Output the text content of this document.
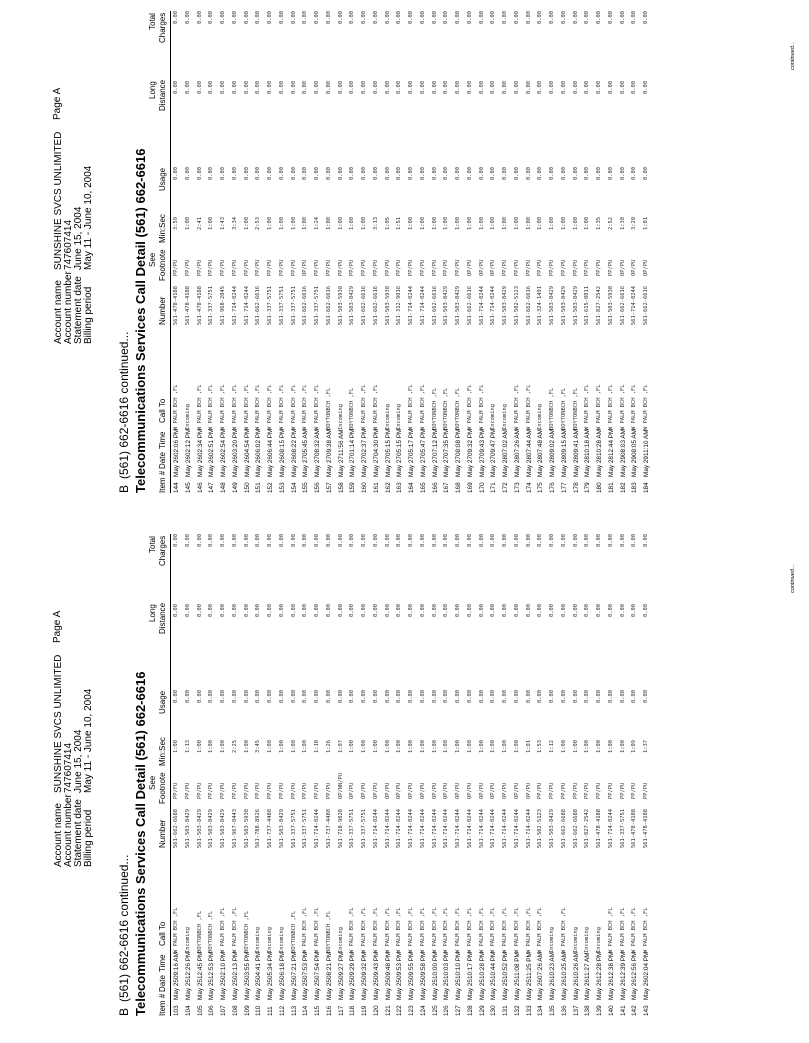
Page A
Account name
SUNSHINE SVCS UNLIMITED
Account number
747607414
Statement date
June 15, 2004
Billing period
May 11 - June 10, 2004
B(561) 662-6616 continued... Telecommunications Services Call Detail (561) 662-6616 Item #
Date
Time
Call To
Number
See Footnote
Min:Sec
Usage
Long Distance
Total Charges
103
May 25
09:16 AM
W PALM BCH ,FL
561-662-6688
PP/FU
1:00
0.00
0.00
0.00
104
May 25
12:26 PM
Incoming
561-503-8429
PP/PU
1:13
0.00
0.00
0.00
105
May 25
12:45 PM
BOYTONBCH ,FL
561-503-8429
PP/PU
1:00
0.00
0.00
0.00
106
May 25
12:53 PM
BOYTONBCH ,FL
561-503-8429
PP/PU
1:00
0.00
0.00
0.00
107
May 25
02:10 PM
W PALM BCH ,FL
561-503-8429
PP/PU
1:00
0.00
0.00
0.00
108
May 25
02:13 PM
W PALM BCH ,FL
561-967-0443
PP/PU
2:25
0.00
0.00
0.00
109
May 25
03:55 PM
BOYTONBCH ,FL
561-503-5930
PP/PU
1:00
0.00
0.00
0.00
110
May 25
04:41 PM
Incoming
561-788-8926
PP/PU
3:45
0.00
0.00
0.00
111
May 25
05:34 PM
Incoming
561-737-4480
PP/PU
1:00
0.00
0.00
0.00
112
May 25
06:18 PM
Incoming
561-503-8429
PP/PU
1:00
0.00
0.00
0.00
113
May 25
07:21 PM
BOYTONBCH ,FL
561-337-5751
PP/PU
1:00
0.00
0.00
0.00
114
May 25
07:53 PM
W PALM BCH ,FL
561-337-5751
PP/PU
1:00
0.00
0.00
0.00
115
May 25
07:54 PM
W PALM BCH ,FL
561-714-0244
PP/PU
1:18
0.00
0.00
0.00
116
May 25
08:21 PM
BOYTONBCH ,FL
561-737-4480
PP/PU
1:26
0.00
0.00
0.00
117
May 25
09:27 PM
Incoming
561-718-9028
OP/NN/PU
1:07
0.00
0.00
0.00
118
May 25
09:29 PM
W PALM BCH ,FL
561-337-5751
OP/PU
1:00
0.00
0.00
0.00
119
May 25
09:32 PM
W PALM BCH ,FL
561-337-5751
OP/PU
1:00
0.00
0.00
0.00
120
May 25
09:43 PM
W PALM BCH ,FL
561-714-0244
OP/PU
1:00
0.00
0.00
0.00
121
May 25
09:48 PM
W PALM BCH ,FL
561-714-0244
OP/PU
1:00
0.00
0.00
0.00
122
May 25
09:53 PM
W PALM BCH ,FL
561-714-0244
OP/PU
1:00
0.00
0.00
0.00
123
May 25
09:55 PM
W PALM BCH ,FL
561-714-0244
OP/PU
1:00
0.00
0.00
0.00
124
May 25
09:58 PM
W PALM BCH ,FL
561-714-0244
OP/PU
1:00
0.00
0.00
0.00
125
May 25
10:00 PM
W PALM BCH ,FL
561-714-0244
OP/PU
1:00
0.00
0.00
0.00
126
May 25
10:03 PM
W PALM BCH ,FL
561-714-0244
OP/PU
1:00
0.00
0.00
0.00
127
May 25
10:10 PM
W PALM BCH ,FL
561-714-0244
OP/PU
1:00
0.00
0.00
0.00
128
May 25
10:17 PM
W PALM BCH ,FL
561-714-0244
OP/PU
1:00
0.00
0.00
0.00
129
May 25
10:28 PM
W PALM BCH ,FL
561-714-0244
OP/PU
1:00
0.00
0.00
0.00
130
May 25
10:44 PM
W PALM BCH ,FL
561-714-0244
OP/PU
1:00
0.00
0.00
0.00
131
May 25
10:52 PM
W PALM BCH ,FL
561-714-0244
OP/PU
1:00
0.00
0.00
0.00
132
May 25
11:08 PM
W PALM BCH ,FL
561-714-0244
OP/PU
1:00
0.00
0.00
0.00
133
May 25
11:25 PM
W PALM BCH ,FL
561-714-0244
OP/PU
1:01
0.00
0.00
0.00
134
May 26
07:26 AM
W PALM BCH ,FL
561-502-5123
PP/PU
1:53
0.00
0.00
0.00
135
May 26
10:23 AM
Incoming
561-503-8429
PP/PU
1:12
0.00
0.00
0.00
136
May 26
10:25 AM
W PALM BCH ,FL
561-662-6688
PP/PU
1:00
0.00
0.00
0.00
137
May 26
10:26 AM
Incoming
561-662-6688
PP/PU
1:00
0.00
0.00
0.00
138
May 26
11:27 AM
Incoming
561-827-2542
PP/PU
1:00
0.00
0.00
0.00
139
May 26
12:28 PM
Incoming
561-478-4188
PP/PU
1:00
0.00
0.00
0.00
140
May 26
12:38 PM
W PALM BCH ,FL
561-714-0244
PP/PU
1:00
0.00
0.00
0.00
141
May 26
12:39 PM
W PALM BCH ,FL
561-337-5751
PP/PU
1:00
0.00
0.00
0.00
142
May 26
12:56 PM
W PALM BCH ,FL
561-478-4188
PP/PU
1:09
0.00
0.00
0.00
143
May 26
02:04 PM
W PALM BCH ,FL
561-478-4188
PP/PU
1:37
0.00
0.00
0.00
continued...
Page A
Account name
SUNSHINE SVCS UNLIMITED
Account number
747607414
Statement date
June 15, 2004
Billing period
May 11 - June 10, 2004
B(561) 662-6616 continued... Telecommunications Services Call Detail (561) 662-6616 Item #
Date
Time
Call To
Number
See Footnote
Min:Sec
Usage
Long Distance
Total Charges
144
May 26
02:06 PM
W PALM BCH ,FL
561-478-4188
PP/PU
3:59
0.00
0.00
0.00
145
May 26
02:12 PM
Incoming
561-478-4188
PP/PU
1:00
0.00
0.00
0.00
146
May 26
02:34 PM
W PALM BCH ,FL
561-478-4188
PP/PU
2:41
0.00
0.00
0.00
147
May 26
02:51 PM
W PALM BCH ,FL
561-337-5751
PP/PU
1:00
0.00
0.00
0.00
148
May 26
02:54 PM
W PALM BCH ,FL
561-968-2045
PP/PU
1:43
0.00
0.00
0.00
149
May 26
03:20 PM
W PALM BCH ,FL
561-714-0244
PP/PU
3:34
0.00
0.00
0.00
150
May 26
04:54 PM
W PALM BCH ,FL
561-714-0244
PP/PU
1:00
0.00
0.00
0.00
151
May 26
06:02 PM
W PALM BCH ,FL
561-662-6616
PP/PU
2:53
0.00
0.00
0.00
152
May 26
06:44 PM
W PALM BCH ,FL
561-337-5751
PP/PU
1:00
0.00
0.00
0.00
153
May 26
08:15 PM
W PALM BCH ,FL
561-337-5751
PP/PU
1:00
0.00
0.00
0.00
154
May 26
08:22 PM
W PALM BCH ,FL
561-337-5751
PP/PU
1:00
0.00
0.00
0.00
155
May 27
05:45 AM
W PALM BCH ,FL
561-662-6616
OP/PU
1:00
0.00
0.00
0.00
156
May 27
08:32 AM
W PALM BCH ,FL
561-337-5751
PP/PU
1:24
0.00
0.00
0.00
157
May 27
09:38 AM
BOYTONBCH ,FL
561-662-6616
PP/PU
1:00
0.00
0.00
0.00
158
May 27
11:56 AM
Incoming
561-503-5930
PP/PU
1:00
0.00
0.00
0.00
159
May 27
01:14 PM
BOYTONBCH ,FL
561-503-8429
PP/PU
1:00
0.00
0.00
0.00
160
May 27
02:37 PM
W PALM BCH ,FL
561-662-6616
PP/PU
1:00
0.00
0.00
0.00
161
May 27
04:30 PM
W PALM BCH ,FL
561-662-6616
PP/PU
3:13
0.00
0.00
0.00
162
May 27
05:15 PM
Incoming
561-503-5930
PP/PU
1:05
0.00
0.00
0.00
163
May 27
05:15 PM
Incoming
561-312-9016
PP/PU
1:51
0.00
0.00
0.00
164
May 27
05:17 PM
W PALM BCH ,FL
561-714-0244
PP/PU
1:00
0.00
0.00
0.00
165
May 27
05:47 PM
W PALM BCH ,FL
561-714-0244
PP/PU
1:00
0.00
0.00
0.00
166
May 27
07:12 PM
BOYTONBCH ,FL
561-662-6616
PP/PU
1:00
0.00
0.00
0.00
167
May 27
07:35 PM
BOYTONBCH ,FL
561-503-8429
PP/PU
1:00
0.00
0.00
0.00
168
May 27
08:08 PM
BOYTONBCH ,FL
561-503-8429
PP/PU
1:00
0.00
0.00
0.00
169
May 27
09:32 PM
W PALM BCH ,FL
561-662-6616
OP/PU
1:00
0.00
0.00
0.00
170
May 27
09:43 PM
W PALM BCH ,FL
561-714-0244
OP/PU
1:00
0.00
0.00
0.00
171
May 27
09:47 PM
Incoming
561-714-0244
OP/PU
1:00
0.00
0.00
0.00
172
May 28
07:02 AM
Incoming
561-503-8429
PP/PU
1:00
0.00
0.00
0.00
173
May 28
07:26 AM
W PALM BCH ,FL
561-502-5123
PP/PU
1:00
0.00
0.00
0.00
174
May 28
07:44 AM
W PALM BCH ,FL
561-662-6616
PP/PU
1:00
0.00
0.00
0.00
175
May 28
07:48 AM
Incoming
561-324-1491
PP/PU
1:00
0.00
0.00
0.00
176
May 28
09:02 AM
BOYTONBCH ,FL
561-503-8429
PP/PU
1:00
0.00
0.00
0.00
177
May 28
09:15 AM
BOYTONBCH ,FL
561-503-8429
PP/PU
1:00
0.00
0.00
0.00
178
May 28
09:41 AM
BOYTONBCH ,FL
561-503-8429
PP/PU
1:00
0.00
0.00
0.00
179
May 28
10:18 AM
W PALM BCH ,FL
561-615-0011
PP/PU
1:00
0.00
0.00
0.00
180
May 28
10:28 AM
W PALM BCH ,FL
561-827-2542
PP/PU
1:35
0.00
0.00
0.00
181
May 28
12:44 PM
W PALM BCH ,FL
561-503-5930
PP/PU
2:52
0.00
0.00
0.00
182
May 29
08:03 AM
W PALM BCH ,FL
561-662-6616
OP/PU
1:30
0.00
0.00
0.00
183
May 29
08:05 AM
W PALM BCH ,FL
561-714-0244
OP/PU
3:20
0.00
0.00
0.00
184
May 29
11:10 AM
W PALM BCH ,FL
561-662-6616
OP/PU
1:01
0.00
0.00
0.00
continued...
